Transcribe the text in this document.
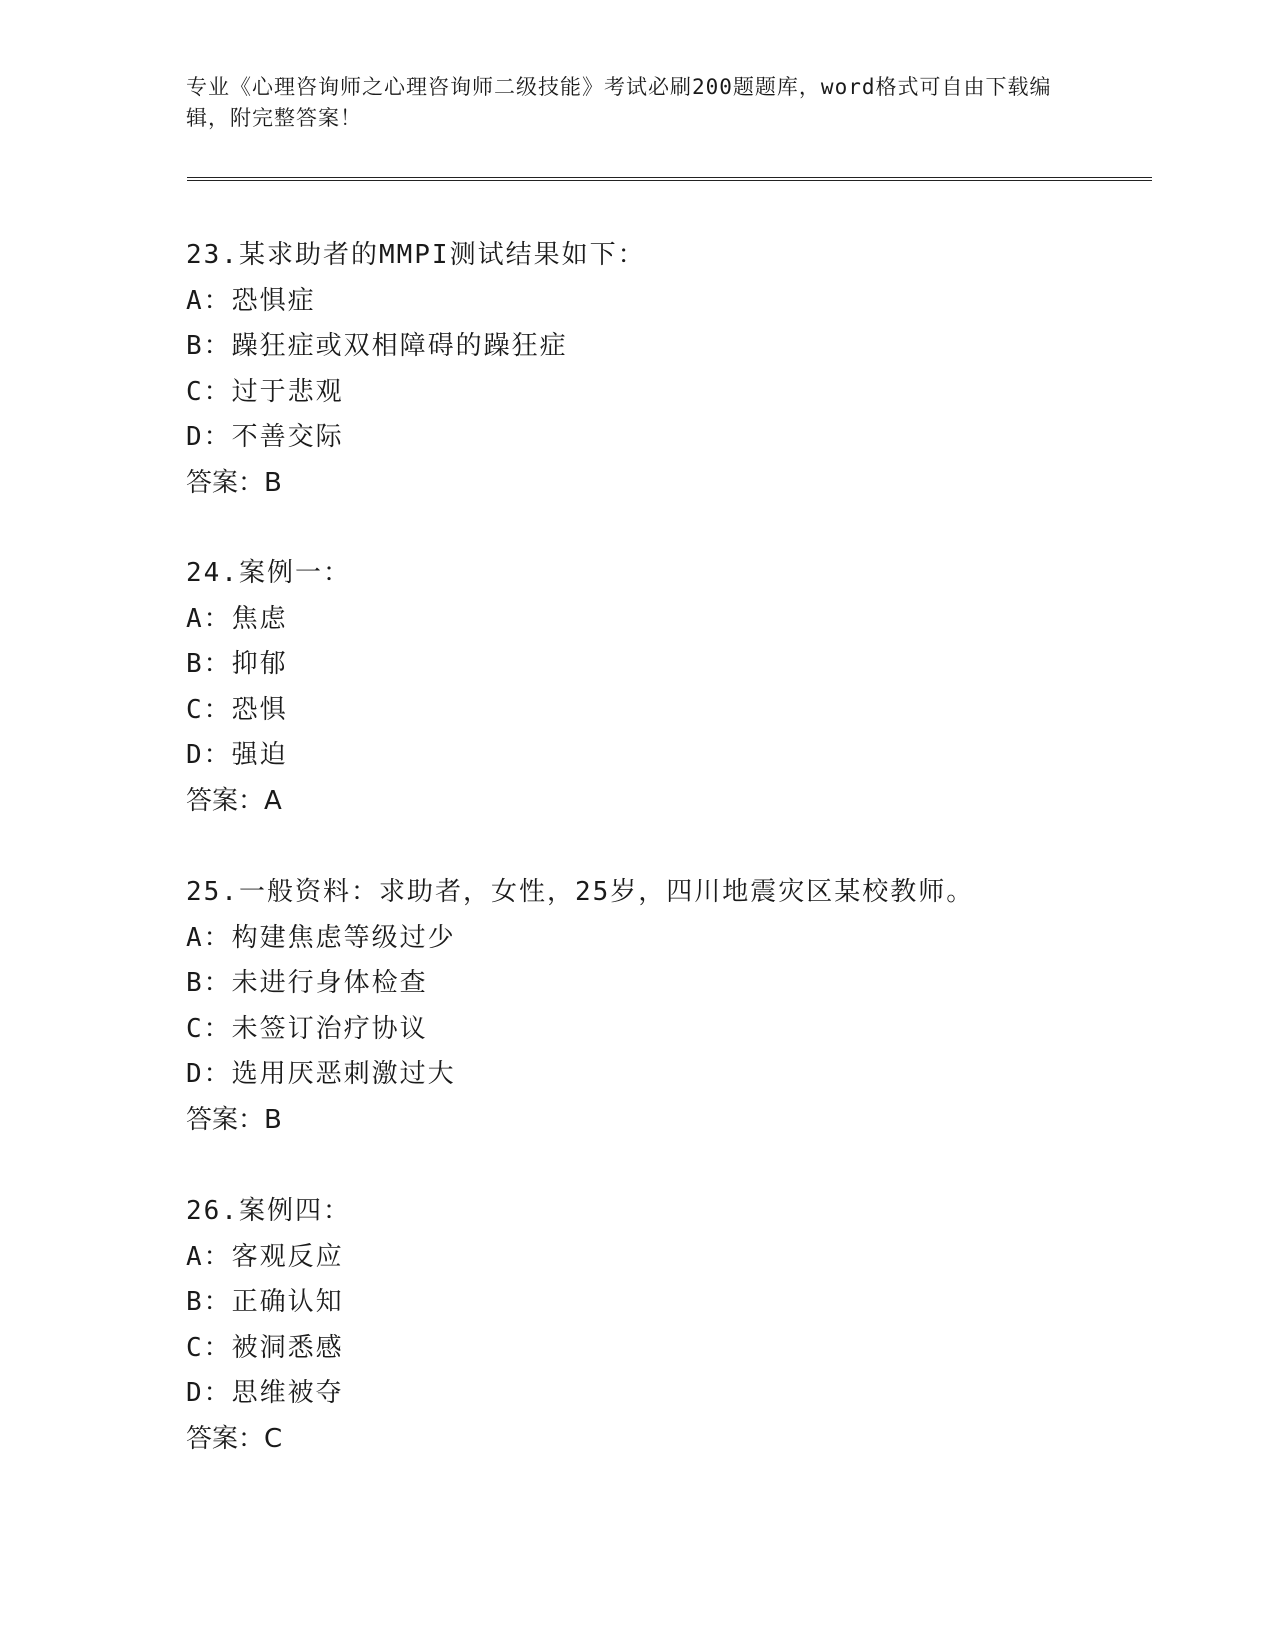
专业《心理咨询师之心理咨询师二级技能》考试必刷200题题库，word格式可自由下载编辑，附完整答案！

23.某求助者的MMPI测试结果如下：
A：恐惧症
B：躁狂症或双相障碍的躁狂症
C：过于悲观
D：不善交际
答案：B
24.案例一：
A：焦虑
B：抑郁
C：恐惧
D：强迫
答案：A
25.一般资料：求助者，女性，25岁，四川地震灾区某校教师。
A：构建焦虑等级过少
B：未进行身体检查
C：未签订治疗协议
D：选用厌恶刺激过大
答案：B
26.案例四：
A：客观反应
B：正确认知
C：被洞悉感
D：思维被夺
答案：C
